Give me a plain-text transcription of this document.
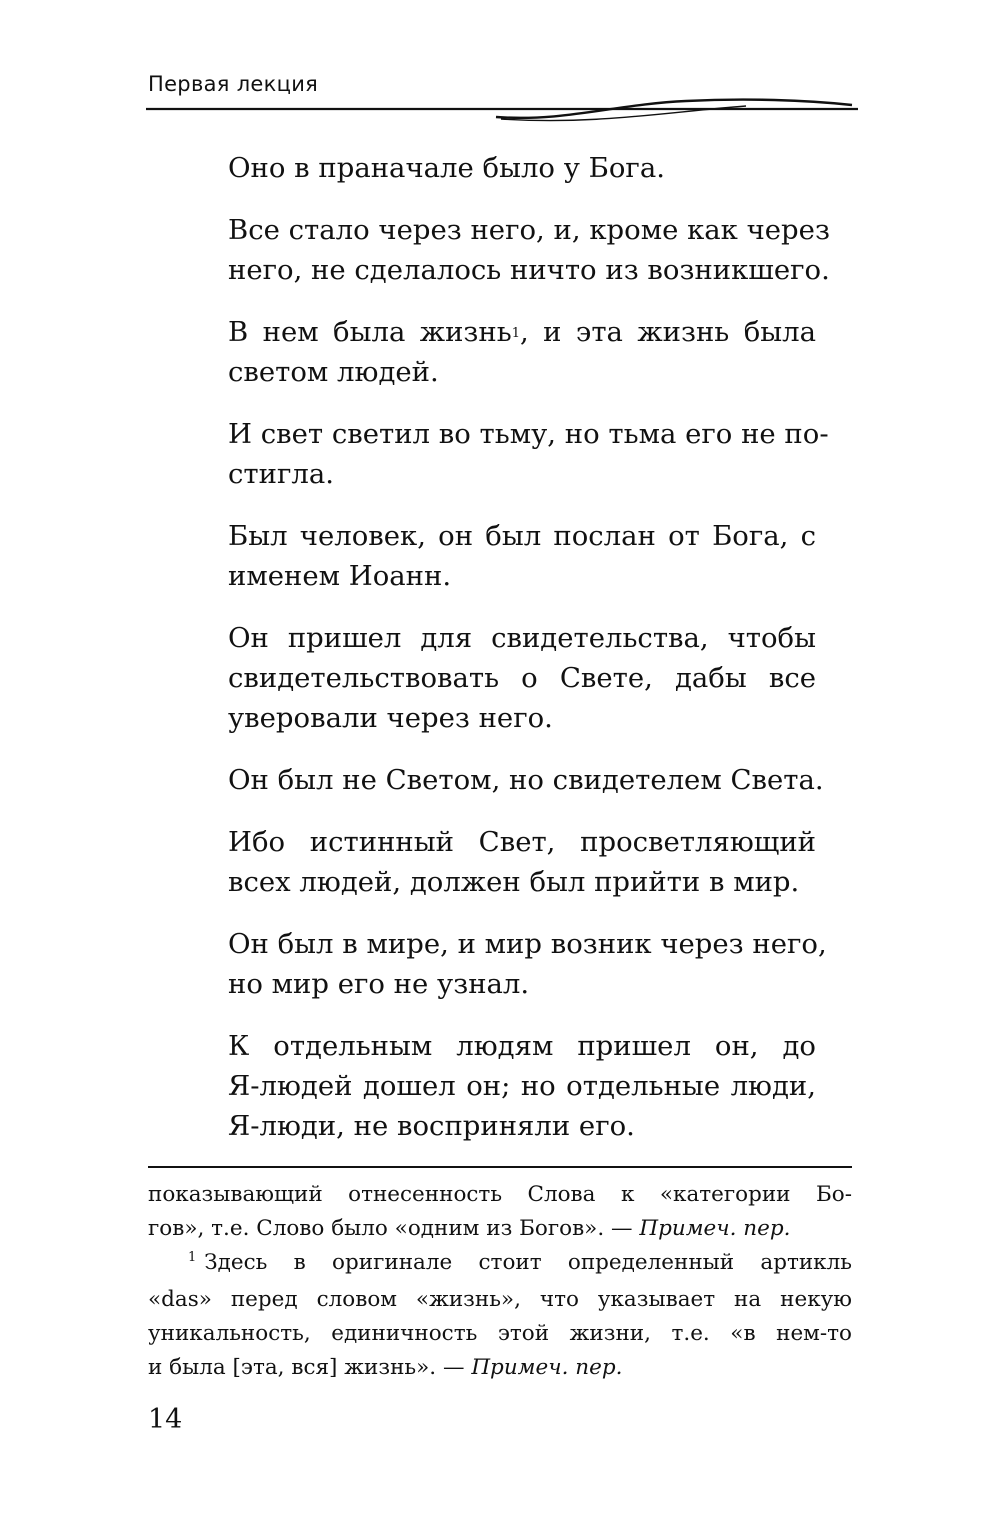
Первая лекция

Оно в праначале было у Бога.

Все стало через него, и, кроме как через
него, не сделалось ничто из возникшего.

В нем была жизнь$^1$, и эта жизнь была
светом людей.

И свет светил во тьму, но тьма его не по-
стигла.

Был человек, он был послан от Бога, с
именем Иоанн.

Он пришел для свидетельства, чтобы
свидетельствовать о Свете, дабы все
уверовали через него.

Он был не Светом, но свидетелем Света.

Ибо истинный Свет, просветляющий
всех людей, должен был прийти в мир.

Он был в мире, и мир возник через него,
но мир его не узнал.

К отдельным людям пришел он, до
Я-людей дошел он; но отдельные люди,
Я-люди, не восприняли его.

показывающий отнесенность Слова к «категории Бо-
гов», т.е. Слово было «одним из Богов». — Примеч. пер.
$^1$ Здесь в оригинале стоит определенный артикль
«das» перед словом «жизнь», что указывает на некую
уникальность, единичность этой жизни, т.е. «в нем-то
и была [эта, вся] жизнь». — Примеч. пер.
14
